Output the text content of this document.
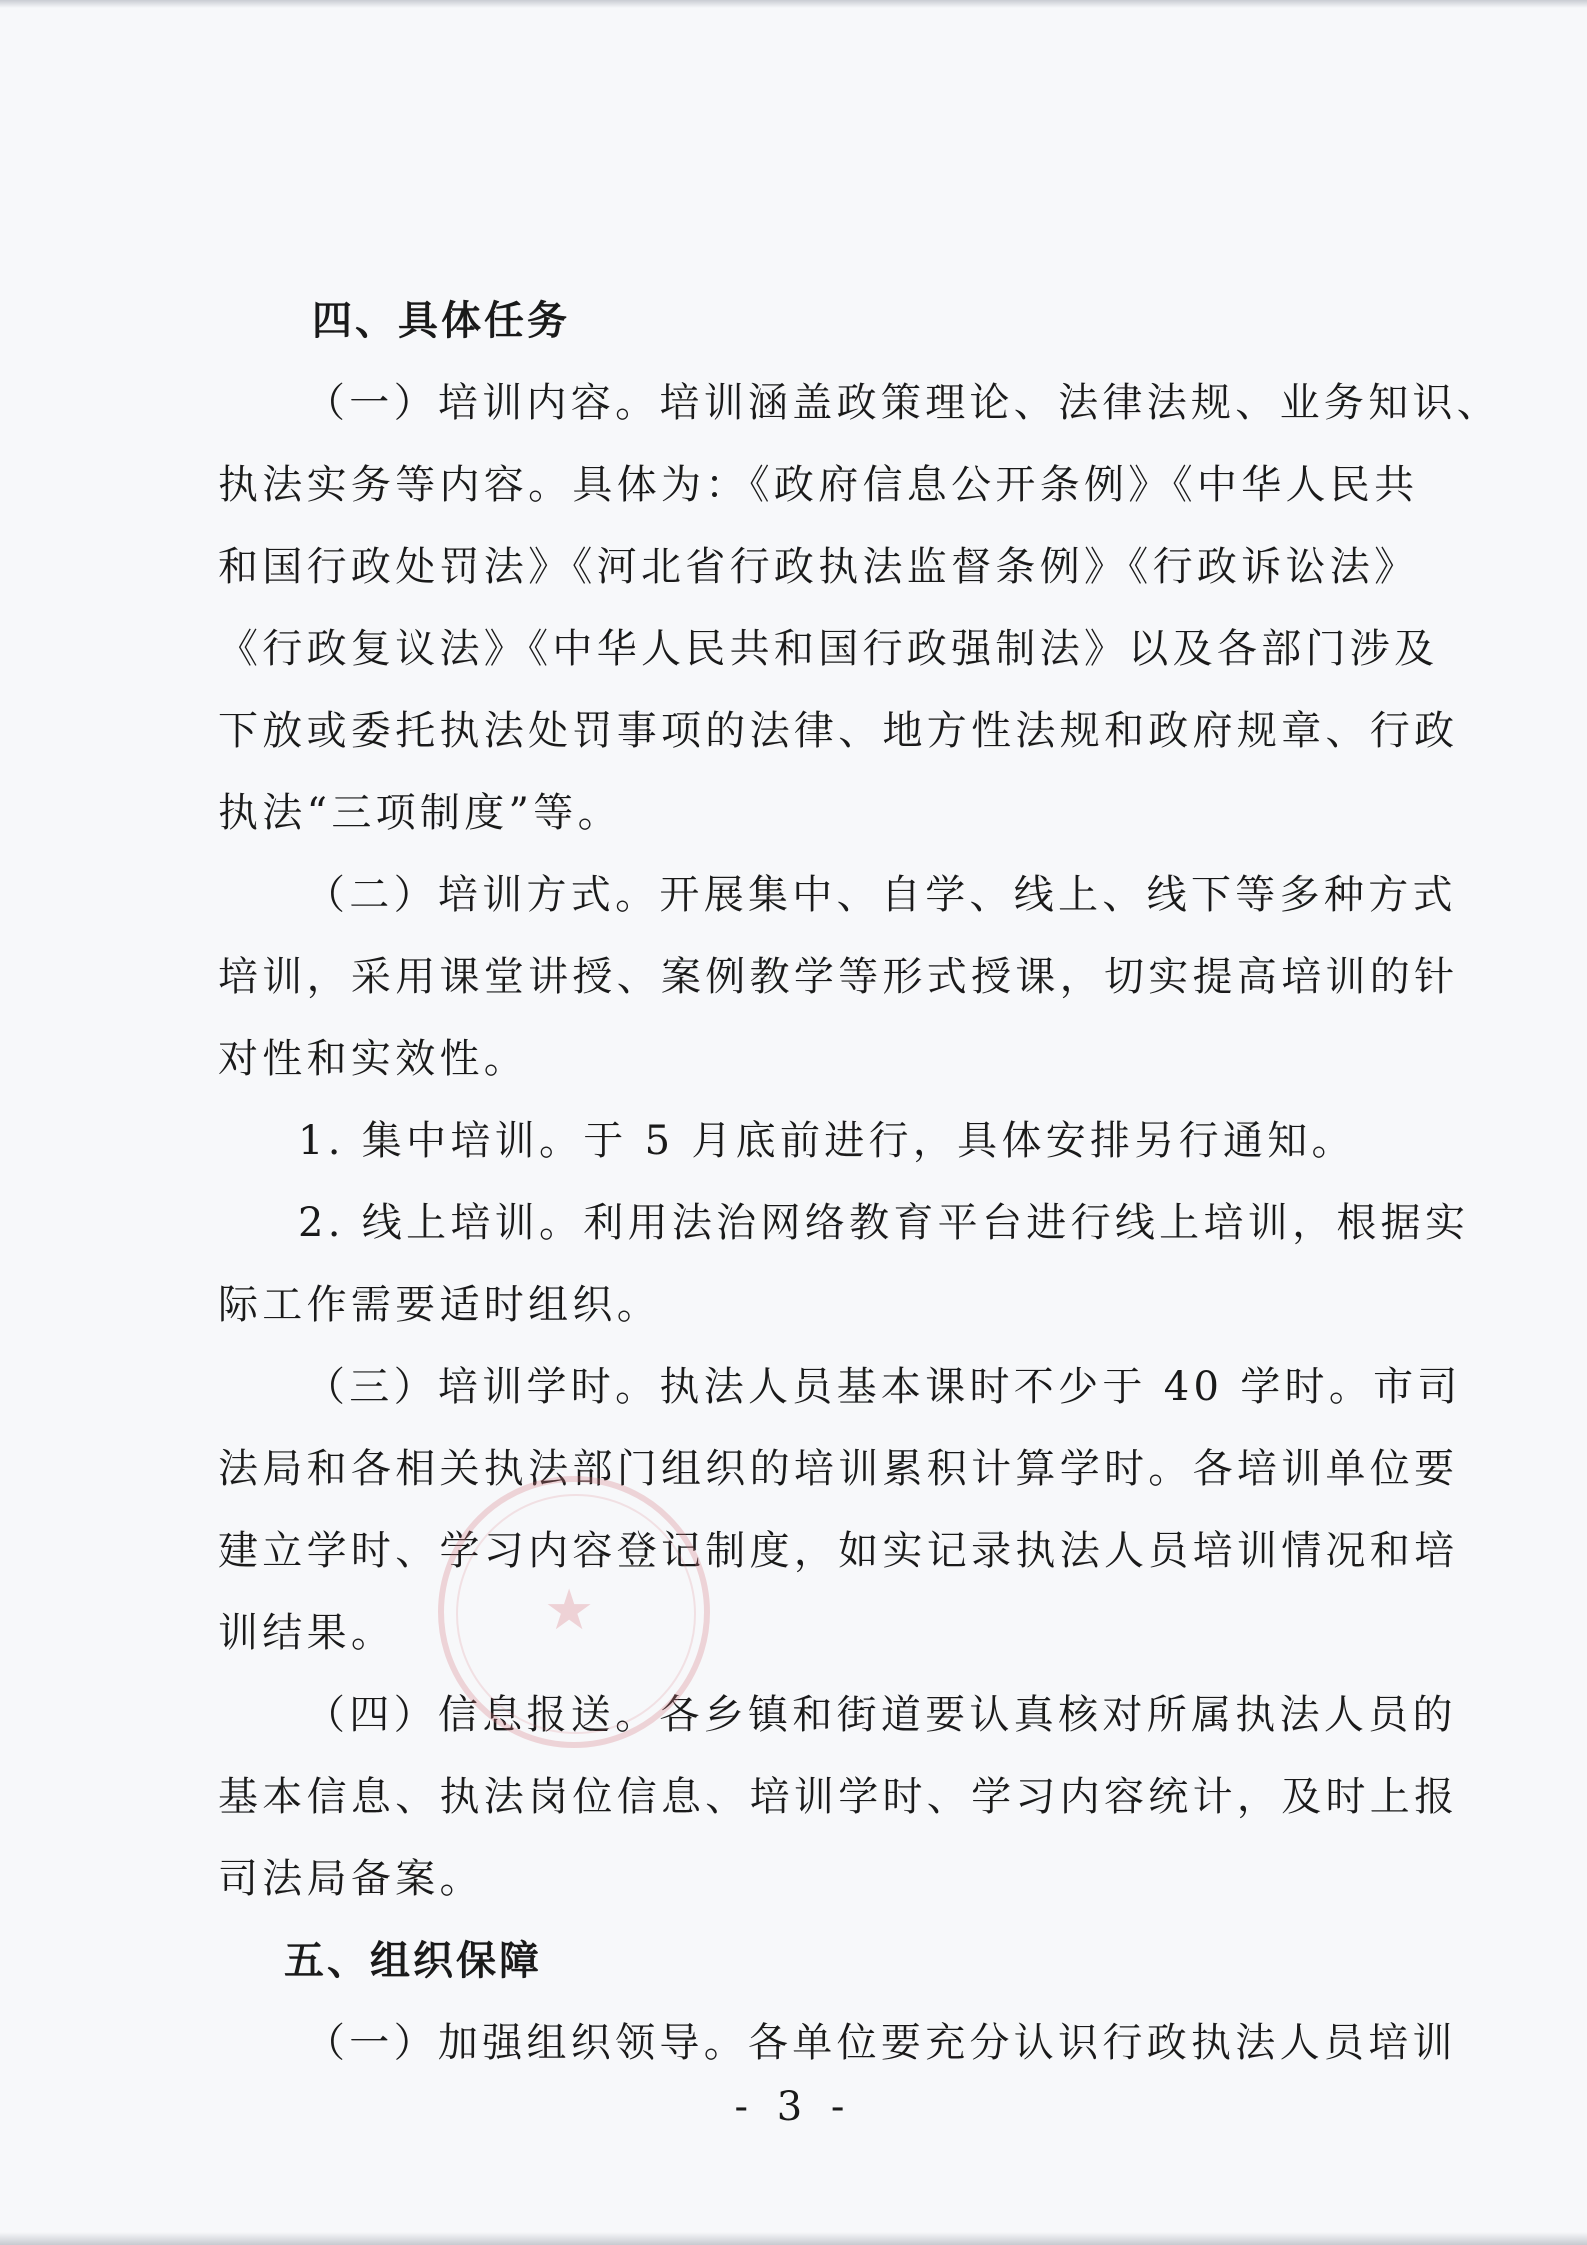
四、具体任务
（一）培训内容。培训涵盖政策理论、法律法规、业务知识、
执法实务等内容。具体为：《政府信息公开条例》《中华人民共
和国行政处罚法》《河北省行政执法监督条例》《行政诉讼法》
《行政复议法》《中华人民共和国行政强制法》以及各部门涉及
下放或委托执法处罚事项的法律、地方性法规和政府规章、行政
执法“三项制度”等。
（二）培训方式。开展集中、自学、线上、线下等多种方式
培训，采用课堂讲授、案例教学等形式授课，切实提高培训的针
对性和实效性。
1. 集中培训。于 5 月底前进行，具体安排另行通知。
2. 线上培训。利用法治网络教育平台进行线上培训，根据实
际工作需要适时组织。
（三）培训学时。执法人员基本课时不少于 40 学时。市司
法局和各相关执法部门组织的培训累积计算学时。各培训单位要
建立学时、学习内容登记制度，如实记录执法人员培训情况和培
训结果。
（四）信息报送。各乡镇和街道要认真核对所属执法人员的
基本信息、执法岗位信息、培训学时、学习内容统计，及时上报
司法局备案。
五、组织保障
（一）加强组织领导。各单位要充分认识行政执法人员培训
★
- 3 -
